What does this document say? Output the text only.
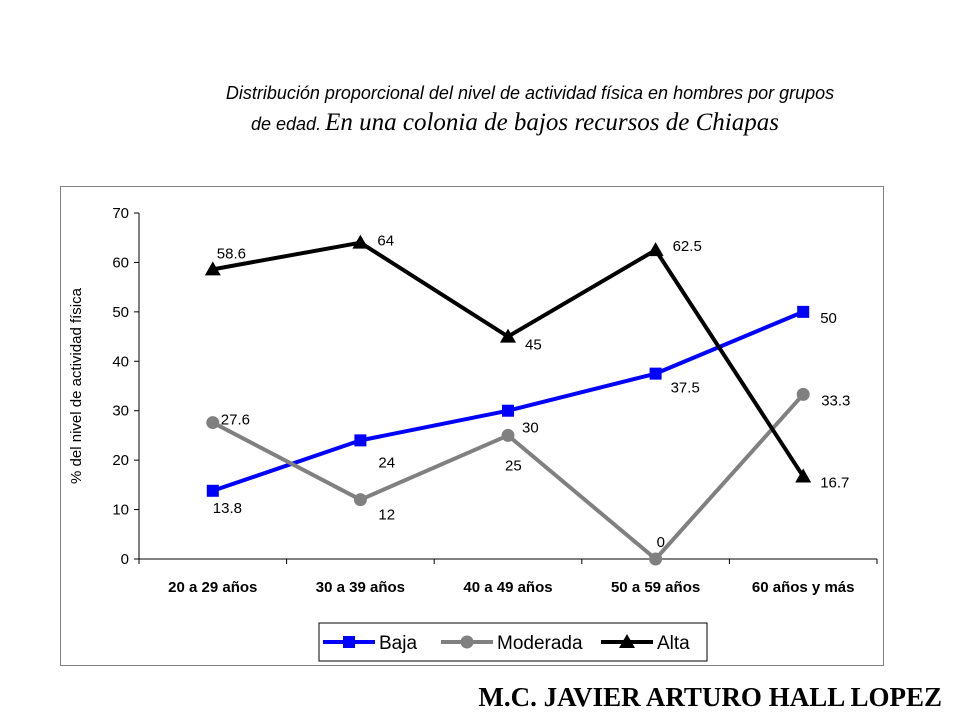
Distribución proporcional del nivel de actividad física en hombres por grupos
de edad. En una colonia de bajos recursos de Chiapas
0
10
20
30
40
50
60
70
20 a 29 años	30 a 39 años	40 a 49 años	50 a 59 años	60 años y más
% del nivel de actividad física
13.8
24
30
37.5
50
27.6
12
25
0
33.3
58.6
64
45
62.5
16.7
Baja	Moderada	Alta
M.C. JAVIER ARTURO HALL LOPEZ
